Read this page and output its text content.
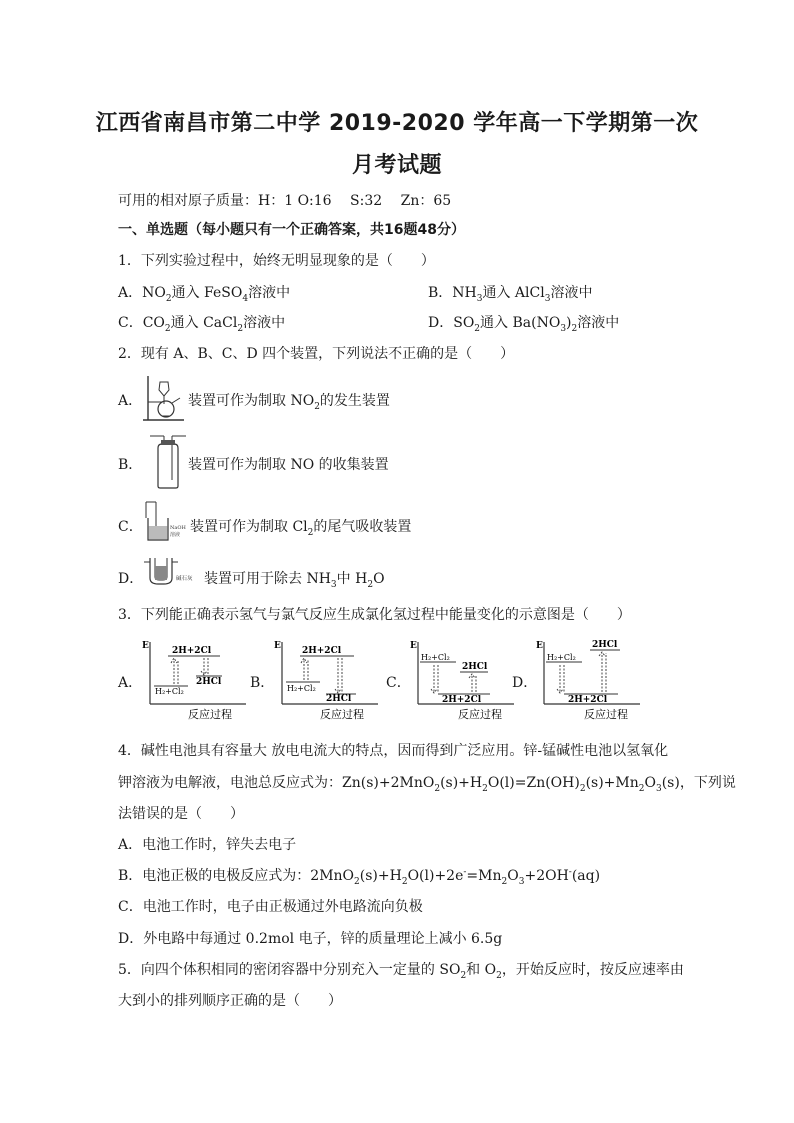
江西省南昌市第二中学 2019-2020 学年高一下学期第一次
月考试题
可用的相对原子质量：H：1 O:16　 S:32　 Zn：65
一、单选题（每小题只有一个正确答案，共16题48分）
1．下列实验过程中，始终无明显现象的是（　　）
A．$NO_2$通入 FeSO$_4$溶液中	B．$NH_3$通入 AlCl$_3$溶液中
C．$CO_2$通入 CaCl$_2$溶液中	D．$SO_2$通入 $Ba(NO_3)_2$溶液中
2．现有 A、B、C、D 四个装置，下列说法不正确的是（　　）
A．	装置可作为制取 $NO_2$的发生装置
B．	装置可作为制取 NO 的收集装置
C．	NaOH
溶液 装置可作为制取 $Cl_2$的尾气吸收装置
D．	碱石灰 装置可用于除去 $NH_3$中 $H_2O$
3．下列能正确表示氢气与氯气反应生成氯化氢过程中能量变化的示意图是（　　）
A．
E
反应过程
2H+2Cl
H₂+Cl₂
2HCl B．
E
反应过程
2H+2Cl
H₂+Cl₂
2HCl
C．
E
反应过程
H₂+Cl₂
2HCl
2H+2Cl
D．
E
反应过程
H₂+Cl₂
2HCl
2H+2Cl
4．碱性电池具有容量大 放电电流大的特点，因而得到广泛应用。锌-锰碱性电池以氢氧化
钾溶液为电解液，电池总反应式为：$Zn(s)+2MnO_2(s)+H_2O(l)=Zn(OH)_2(s)+Mn_2O_3(s)$，下列说
法错误的是（　　）
A．电池工作时，锌失去电子
B．电池正极的电极反应式为：$2MnO_2(s)+H_2O(l)+2e^-=Mn_2O_3+2OH^-(aq)$
C．电池工作时，电子由正极通过外电路流向负极
D．外电路中每通过 0.2mol 电子，锌的质量理论上减小 6.5g
5．向四个体积相同的密闭容器中分别充入一定量的 $SO_2$和 $O_2$，开始反应时，按反应速率由
大到小的排列顺序正确的是（　　）
